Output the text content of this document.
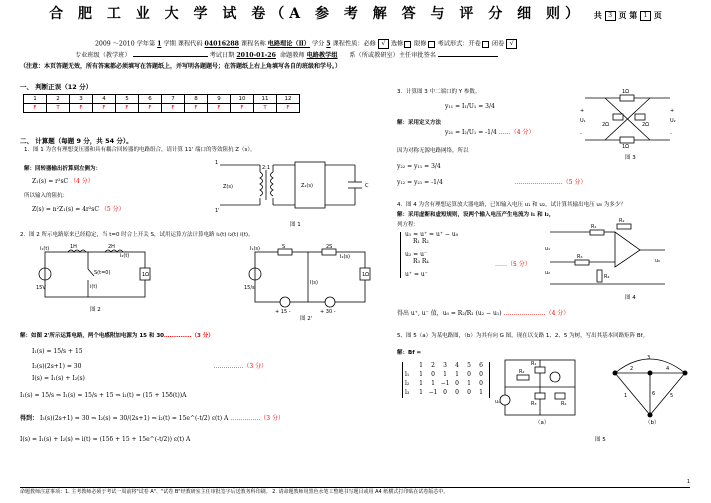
合 肥 工 业 大 学 试 卷（A 参 考 解 答 与 评 分 细 则） 共 3 页 第 1 页
2009 ～2010 学年第 1 学期 课程代码 04016288 课程名称 电路理论（Ⅱ） 学分 5 课程性质：必修 √ 选修 限修 考试形式：开卷 闭卷 √
专业班级（教学班）	考试日期 2010-01-26 命题教师 电路教学组 系（所或教研室）主任审批签名
（注意：本页答题无效，所有答案都必须填写在答题纸上，并写明各题题号；在答题纸上右上角填写各自的班级和学号。）
一、 判断正误（12 分）
1	2	3	4	5	6	7	8	9	10	11	12
F	T	F	F	F	F	F	F	F	F	T	F
二、 计算题（每题 9 分，共 54 分）。
1．图 1 为含有理想变压器和具有耦合回转器的电路组合，请计算 11' 端口的等效阻抗 Z（s）。
解：回转器输出折算到左侧为：
Z₁(s) = r²sC （4 分）
所以输入的阻抗：
Z(s) = n²Z₁(s) = 4r²sC （5 分）
1
1'
Z(s)
2:1
Z₁(s)	C
图 1
2．图 2 所示电路原来已经稳定，当 t=0 时合上开关 S，试用运算方法计算电路 i₁(t) i₂(t) i(t)。
i₁(t)	1H	2H
i₂(t)
15V
S(t=0)
i(t)
1Ω
图 2
I₁(s)	S	2S
I₂(s)
15/s
I(s)
1Ω
+ 15 -	+ 30 -
图 2'
解：如图 2'所示运算电路，两个电感附加电源为 15 和 30……………（3 分）
I₁(s) = 15/s + 15
I₂(s)(2s+1) = 30	……………（3 分）
I(s) = I₁(s) + I₂(s)
I₁(s) = 15/s ⇒ I₁(s) = 15/s + 15 ⇒ i₁(t) = (15 + 15δ(t))A
得到： I₂(s)(2s+1) = 30 ⇒ I₂(s) = 30/(2s+1) ⇒ i₂(t) = 15e^(-t/2) ε(t) A ……………（3 分）
I(s) = I₁(s) + I₂(s) ⇒ i(t) = (15δ + 15 + 15e^(-t/2)) ε(t) A
3．计算图 3 中二端口的 Y 参数。
解：采用定义方法
y₁₁ = I₁/U₁ = 3/4
y₂₁ = I₂/U₁ = -1/4 ……（4 分）
因为对称无源电路网络，所以
y₂₂ = y₁₁ = 3/4
y₁₂ = y₂₁ = -1/4	……………………（5 分）
1Ω
1Ω
2Ω	2Ω
+
U₁
-
+
U₂
-
图 3
4．图 4 为含有理想运算放大器电路，已知输入电压 u₁ 和 u₂，试计算其输出电压 u₀ 为多少？
解：采用虚断和虚短规则，设两个输入电压产生电流为 i₁ 和 i₂，
列方程：
u₁ = u⁺ = u⁺ − u₀
R₁ R₂
u₂ = u⁻
R₃ R₄
u⁺ = u⁻
……（5 分）
得出 u⁺, u⁻ 值，u₀ = R₂/R₁ (u₂ − u₁) …………………（4 分）
R₁
R₂
R₃
R₄
u₁
u₂
u₀
图 4
5、图 5（a）为某电路图，（b）为其有向 G 图，现在以支路 1、2、5 为树，写出其基本回路矩阵 Bf。
解：Bf =
1	2	3	4	5	6
l₁	1	0	1	1	0	0
l₂	1	1 −1 0	1	0
l₃	1 −1 0	0	0	1
R₁
R₂
R₃	R₄
uₛ
（a）
3
2	4
1	6	5
（b）
图 5
命题教师注意事项：1. 主考教师必须于考试一周前将"试卷 A"、"试卷 B"经教研室主任审批签字后送教务科印刷。 2. 请命题教师用黑色水笔工整地书写题目或用 A4 纸横式打印贴在试卷版芯中。
1
